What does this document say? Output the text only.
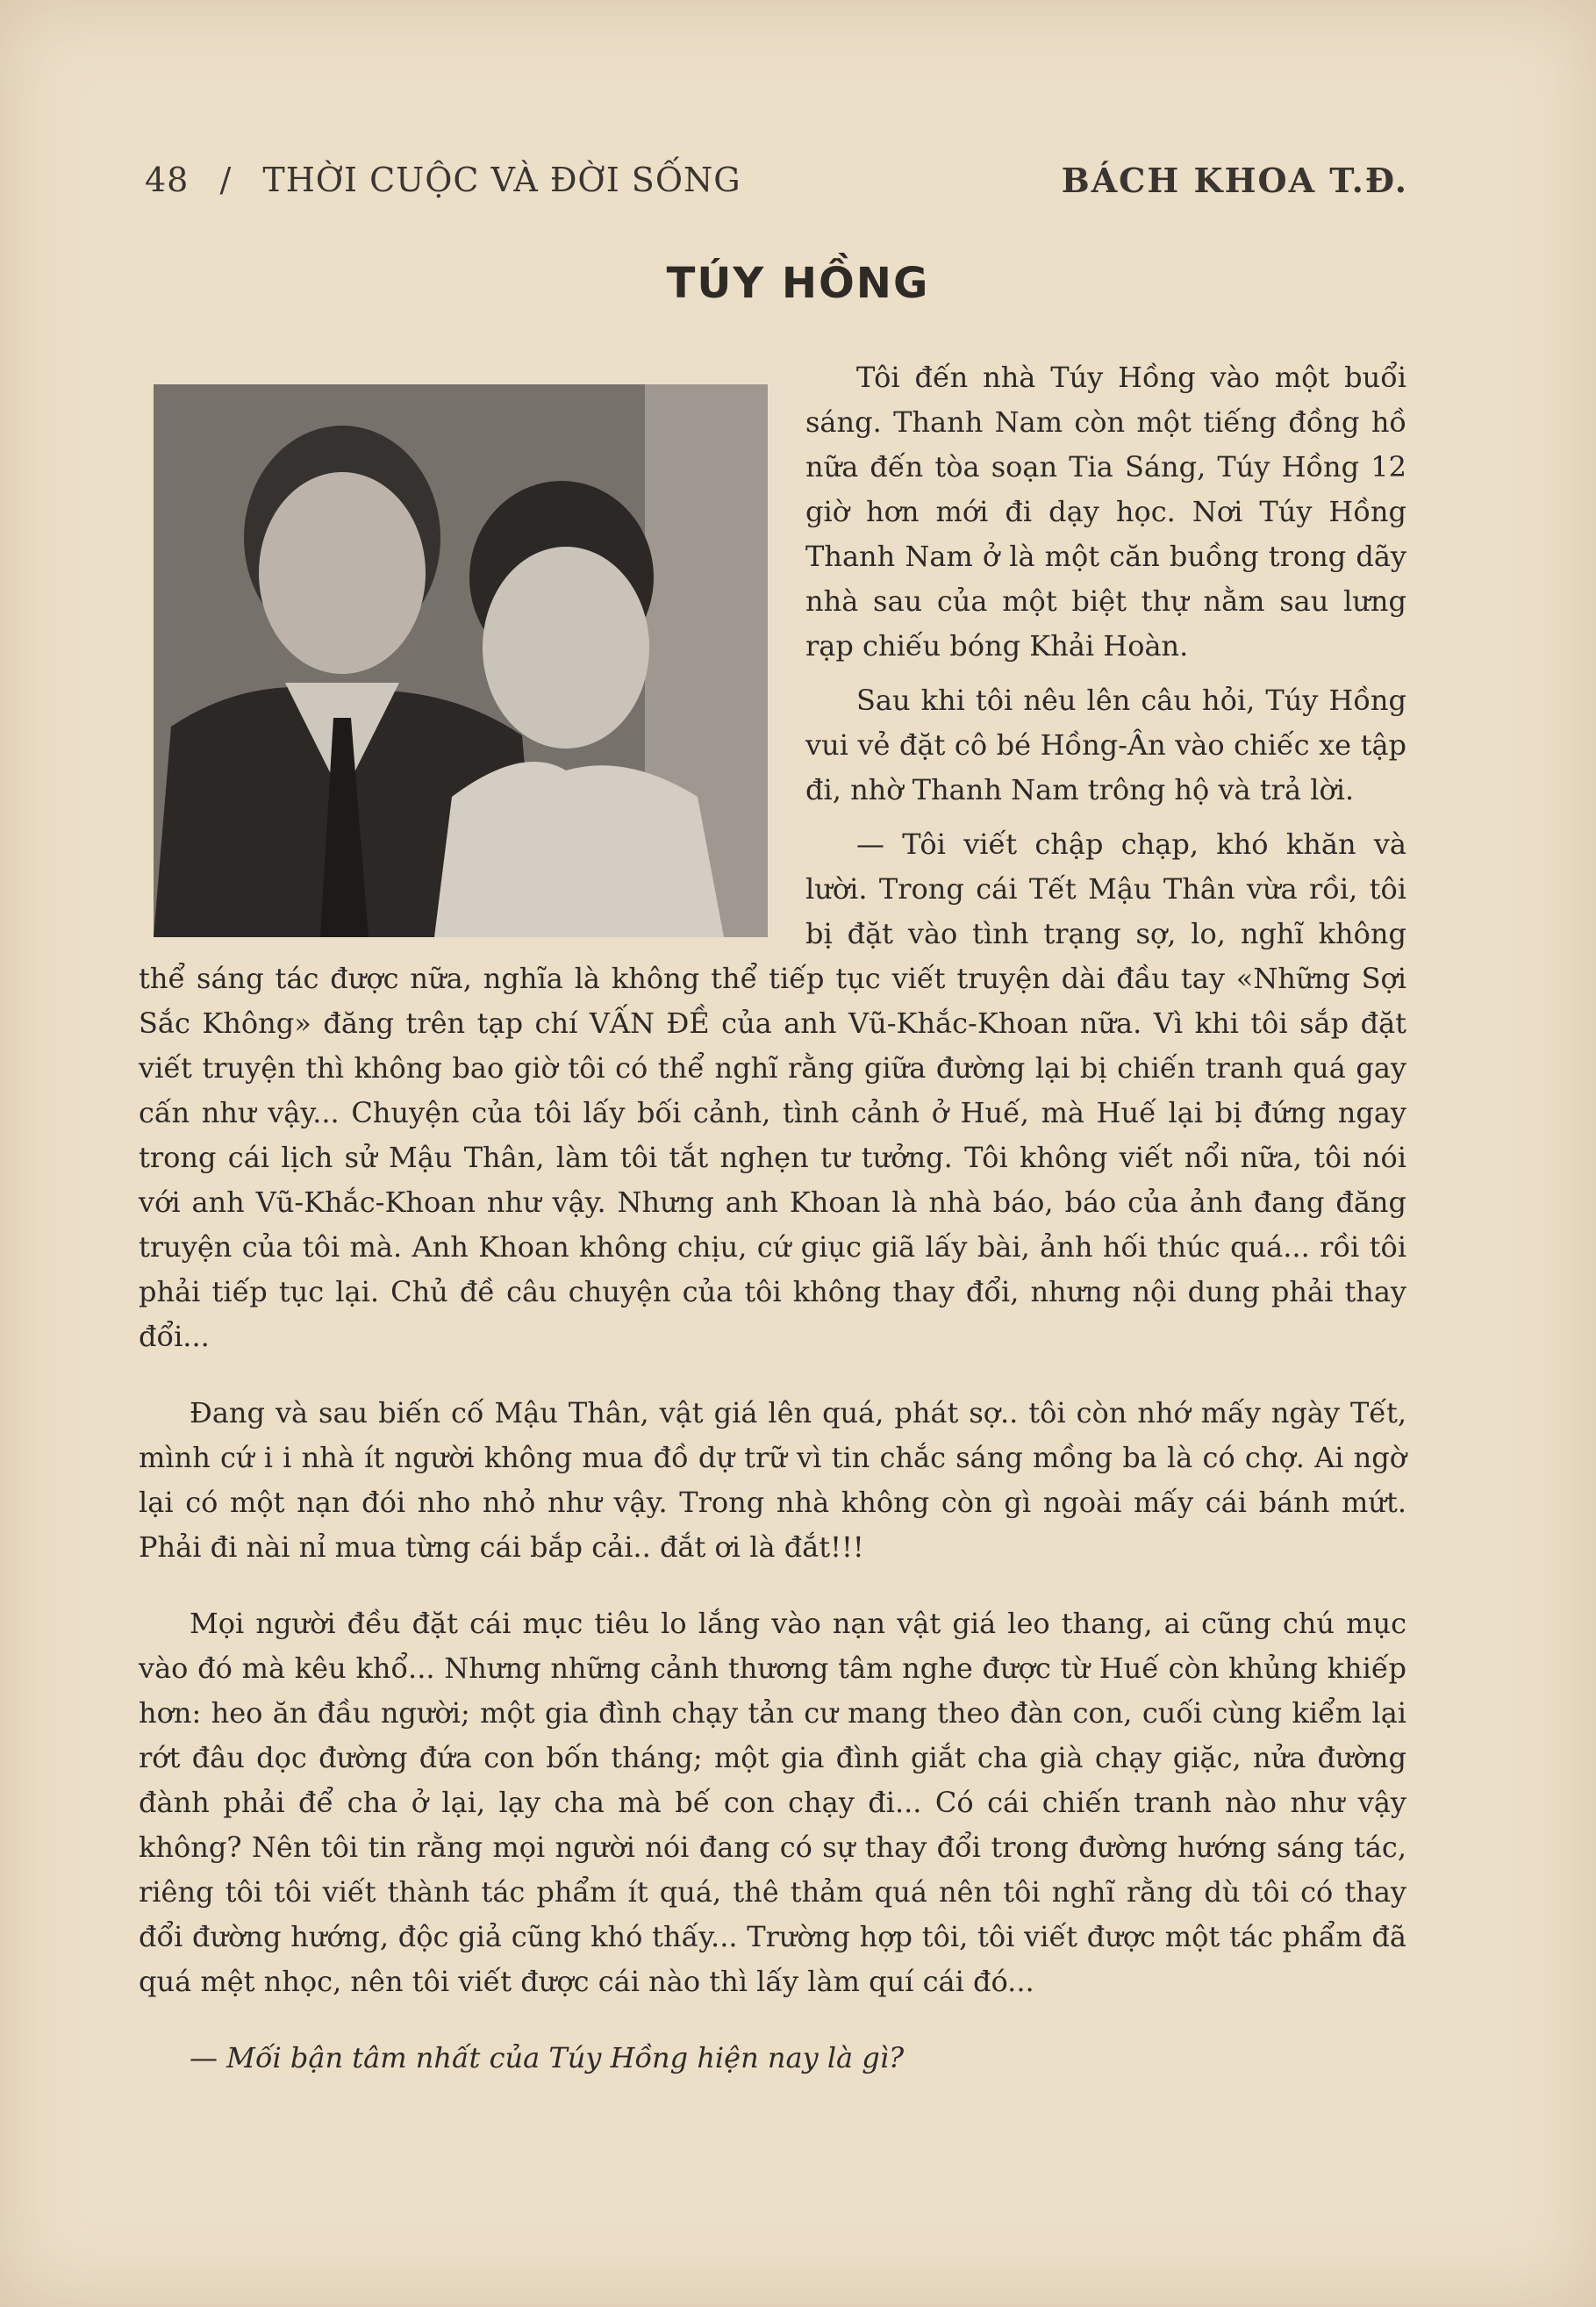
48 / THỜI CUỘC VÀ ĐỜI SỐNG	BÁCH KHOA T.Đ.
TÚY HỒNG

Tôi đến nhà Túy Hồng vào một buổi sáng. Thanh Nam còn một tiếng đồng hồ nữa đến tòa soạn Tia Sáng, Túy Hồng 12 giờ hơn mới đi dạy học. Nơi Túy Hồng Thanh Nam ở là một căn buồng trong dãy nhà sau của một biệt thự nằm sau lưng rạp chiếu bóng Khải Hoàn.

Sau khi tôi nêu lên câu hỏi, Túy Hồng vui vẻ đặt cô bé Hồng-Ân vào chiếc xe tập đi, nhờ Thanh Nam trông hộ và trả lời.

— Tôi viết chập chạp, khó khăn và lười. Trong cái Tết Mậu Thân vừa rồi, tôi bị đặt vào tình trạng sợ, lo, nghĩ không thể sáng tác được nữa, nghĩa là không thể tiếp tục viết truyện dài đầu tay «Những Sợi Sắc Không» đăng trên tạp chí VẤN ĐỀ của anh Vũ-Khắc-Khoan nữa. Vì khi tôi sắp đặt viết truyện thì không bao giờ tôi có thể nghĩ rằng giữa đường lại bị chiến tranh quá gay cấn như vậy... Chuyện của tôi lấy bối cảnh, tình cảnh ở Huế, mà Huế lại bị đứng ngay trong cái lịch sử Mậu Thân, làm tôi tắt nghẹn tư tưởng. Tôi không viết nổi nữa, tôi nói với anh Vũ-Khắc-Khoan như vậy. Nhưng anh Khoan là nhà báo, báo của ảnh đang đăng truyện của tôi mà. Anh Khoan không chịu, cứ giục giã lấy bài, ảnh hối thúc quá... rồi tôi phải tiếp tục lại. Chủ đề câu chuyện của tôi không thay đổi, nhưng nội dung phải thay đổi...

Đang và sau biến cố Mậu Thân, vật giá lên quá, phát sợ.. tôi còn nhớ mấy ngày Tết, mình cứ i i nhà ít người không mua đồ dự trữ vì tin chắc sáng mồng ba là có chợ. Ai ngờ lại có một nạn đói nho nhỏ như vậy. Trong nhà không còn gì ngoài mấy cái bánh mứt. Phải đi nài nỉ mua từng cái bắp cải.. đắt ơi là đắt!!!

Mọi người đều đặt cái mục tiêu lo lắng vào nạn vật giá leo thang, ai cũng chú mục vào đó mà kêu khổ... Nhưng những cảnh thương tâm nghe được từ Huế còn khủng khiếp hơn: heo ăn đầu người; một gia đình chạy tản cư mang theo đàn con, cuối cùng kiểm lại rớt đâu dọc đường đứa con bốn tháng; một gia đình giắt cha già chạy giặc, nửa đường đành phải để cha ở lại, lạy cha mà bế con chạy đi... Có cái chiến tranh nào như vậy không? Nên tôi tin rằng mọi người nói đang có sự thay đổi trong đường hướng sáng tác, riêng tôi tôi viết thành tác phẩm ít quá, thê thảm quá nên tôi nghĩ rằng dù tôi có thay đổi đường hướng, độc giả cũng khó thấy... Trường hợp tôi, tôi viết được một tác phẩm đã quá mệt nhọc, nên tôi viết được cái nào thì lấy làm quí cái đó...

— Mối bận tâm nhất của Túy Hồng hiện nay là gì?
